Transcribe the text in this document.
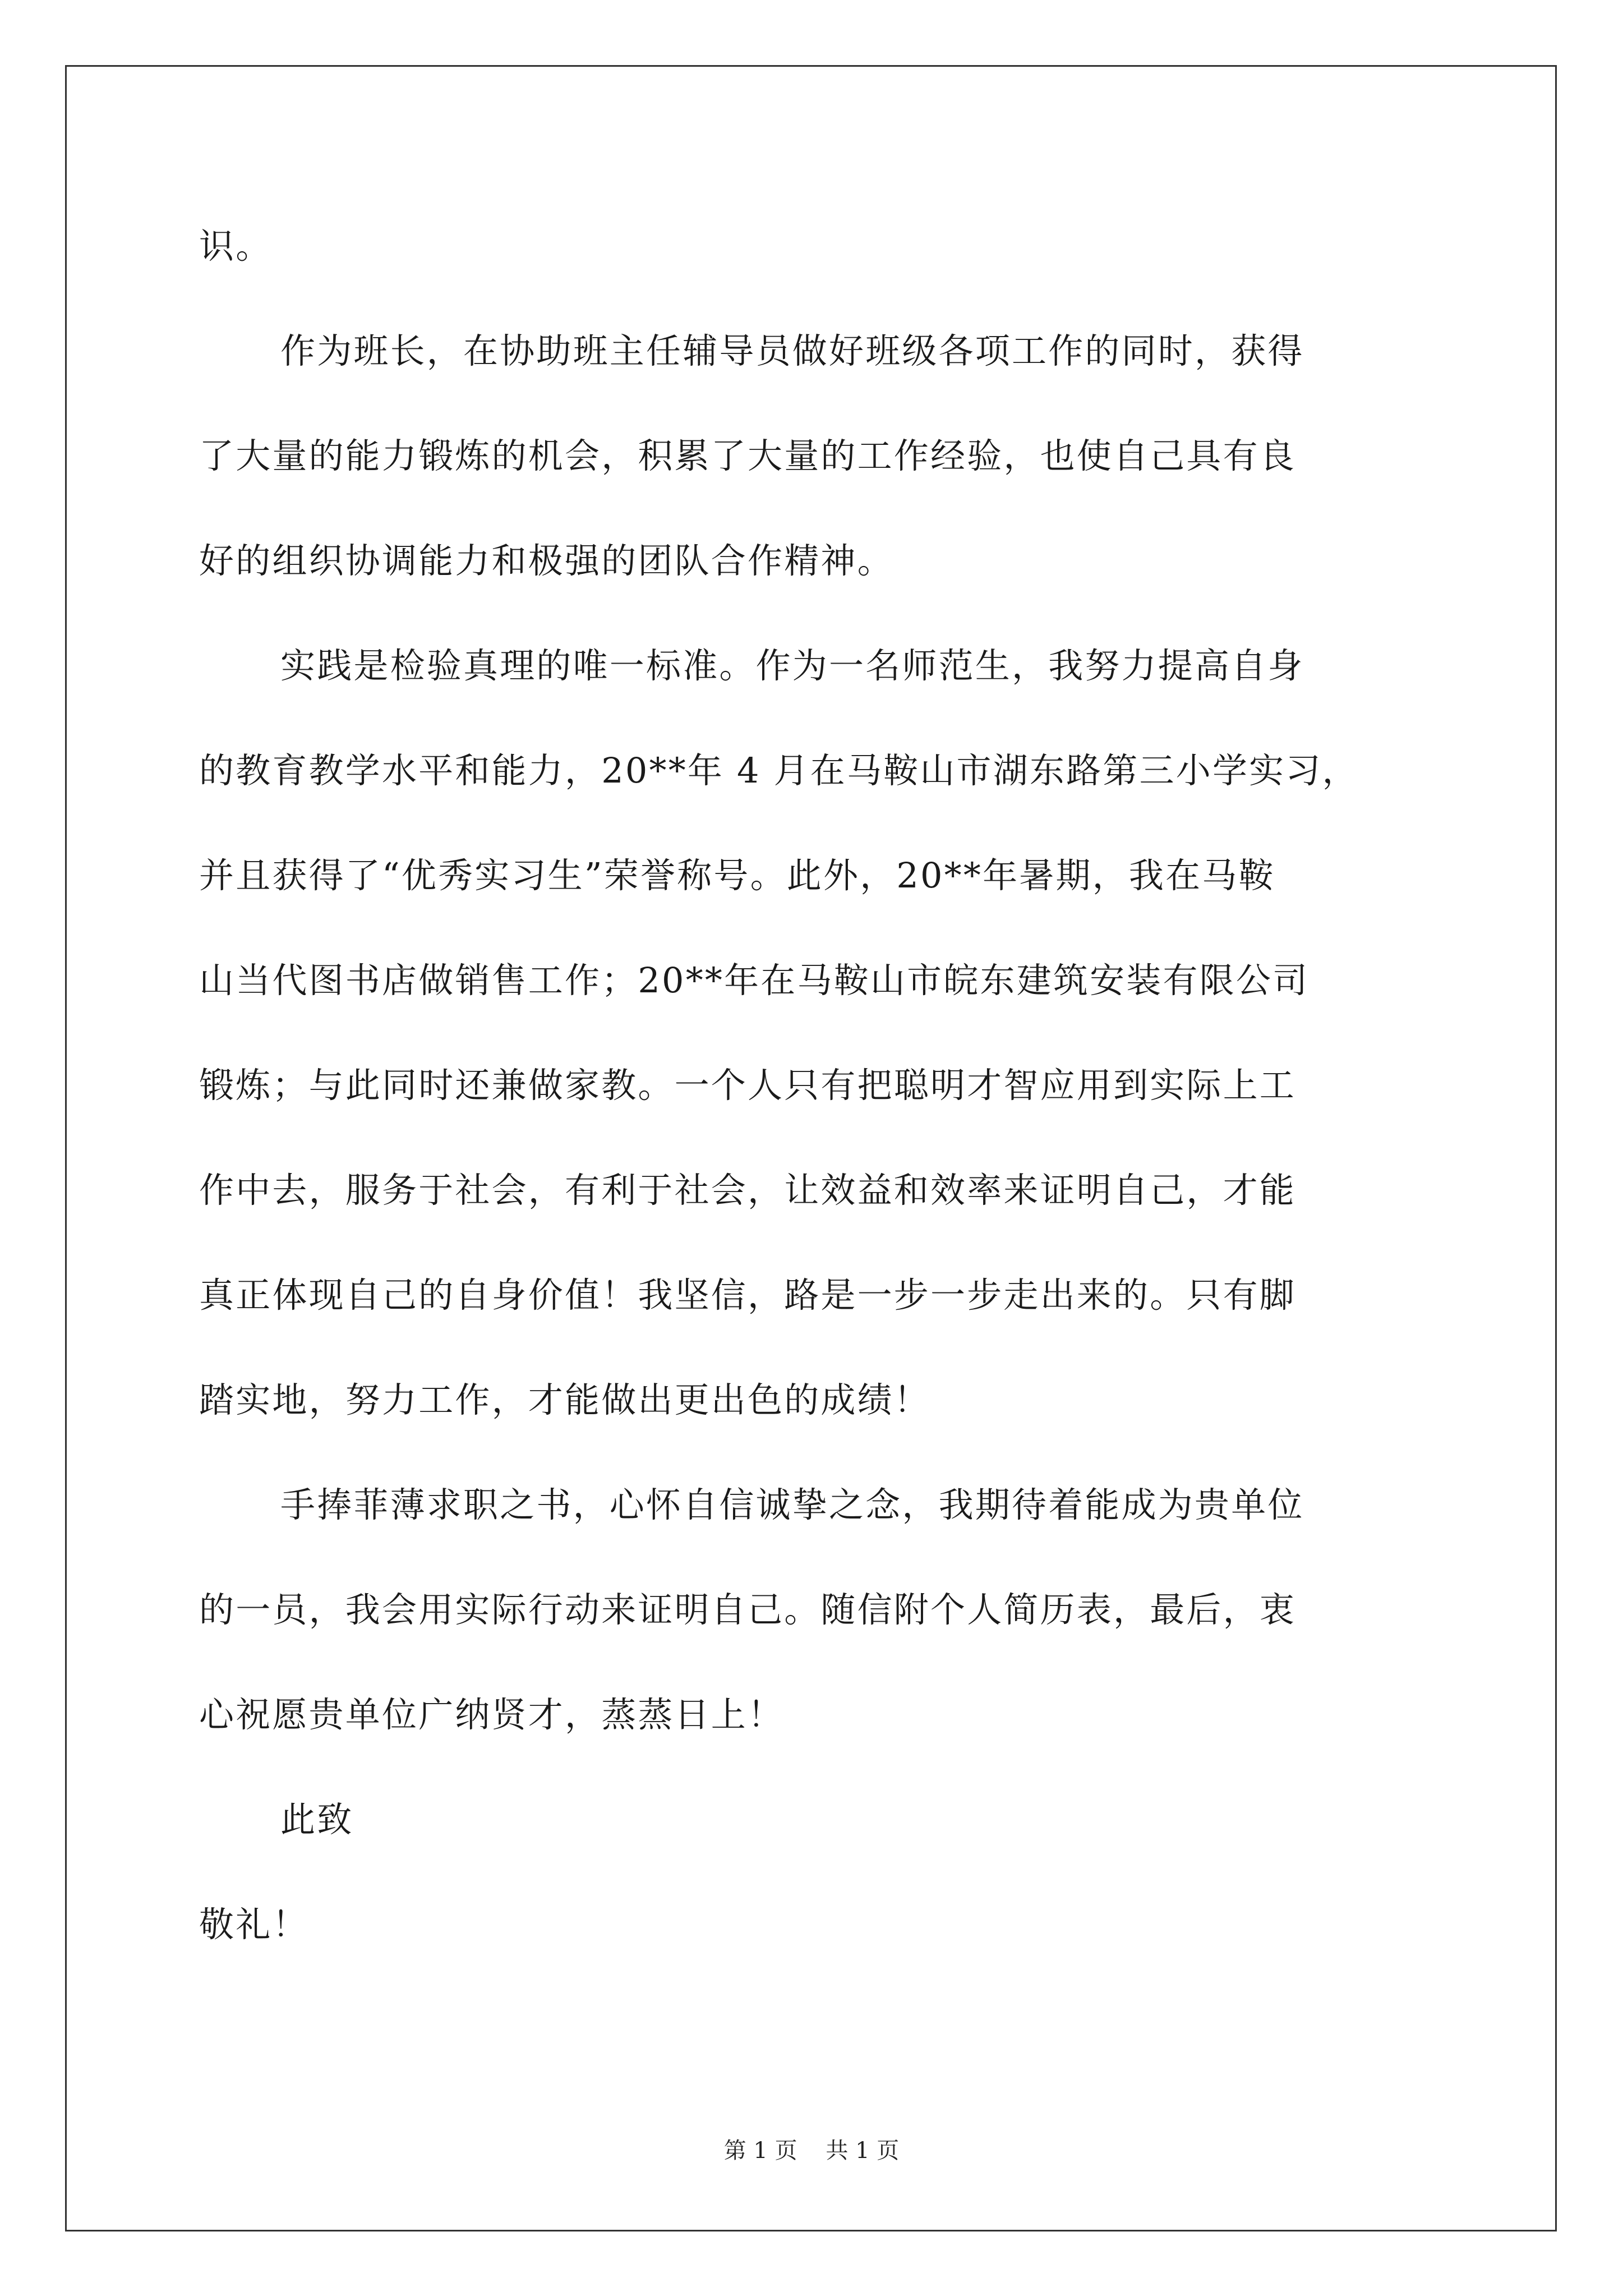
识。
作为班长，在协助班主任辅导员做好班级各项工作的同时，获得
了大量的能力锻炼的机会，积累了大量的工作经验，也使自己具有良
好的组织协调能力和极强的团队合作精神。
实践是检验真理的唯一标准。作为一名师范生，我努力提高自身
的教育教学水平和能力，20**年 4 月在马鞍山市湖东路第三小学实习，
并且获得了“优秀实习生”荣誉称号。此外，20**年暑期，我在马鞍
山当代图书店做销售工作；20**年在马鞍山市皖东建筑安装有限公司
锻炼；与此同时还兼做家教。一个人只有把聪明才智应用到实际上工
作中去，服务于社会，有利于社会，让效益和效率来证明自己，才能
真正体现自己的自身价值！我坚信，路是一步一步走出来的。只有脚
踏实地，努力工作，才能做出更出色的成绩！
手捧菲薄求职之书，心怀自信诚挚之念，我期待着能成为贵单位
的一员，我会用实际行动来证明自己。随信附个人简历表，最后，衷
心祝愿贵单位广纳贤才，蒸蒸日上！
此致
敬礼！
第 1 页    共 1 页
